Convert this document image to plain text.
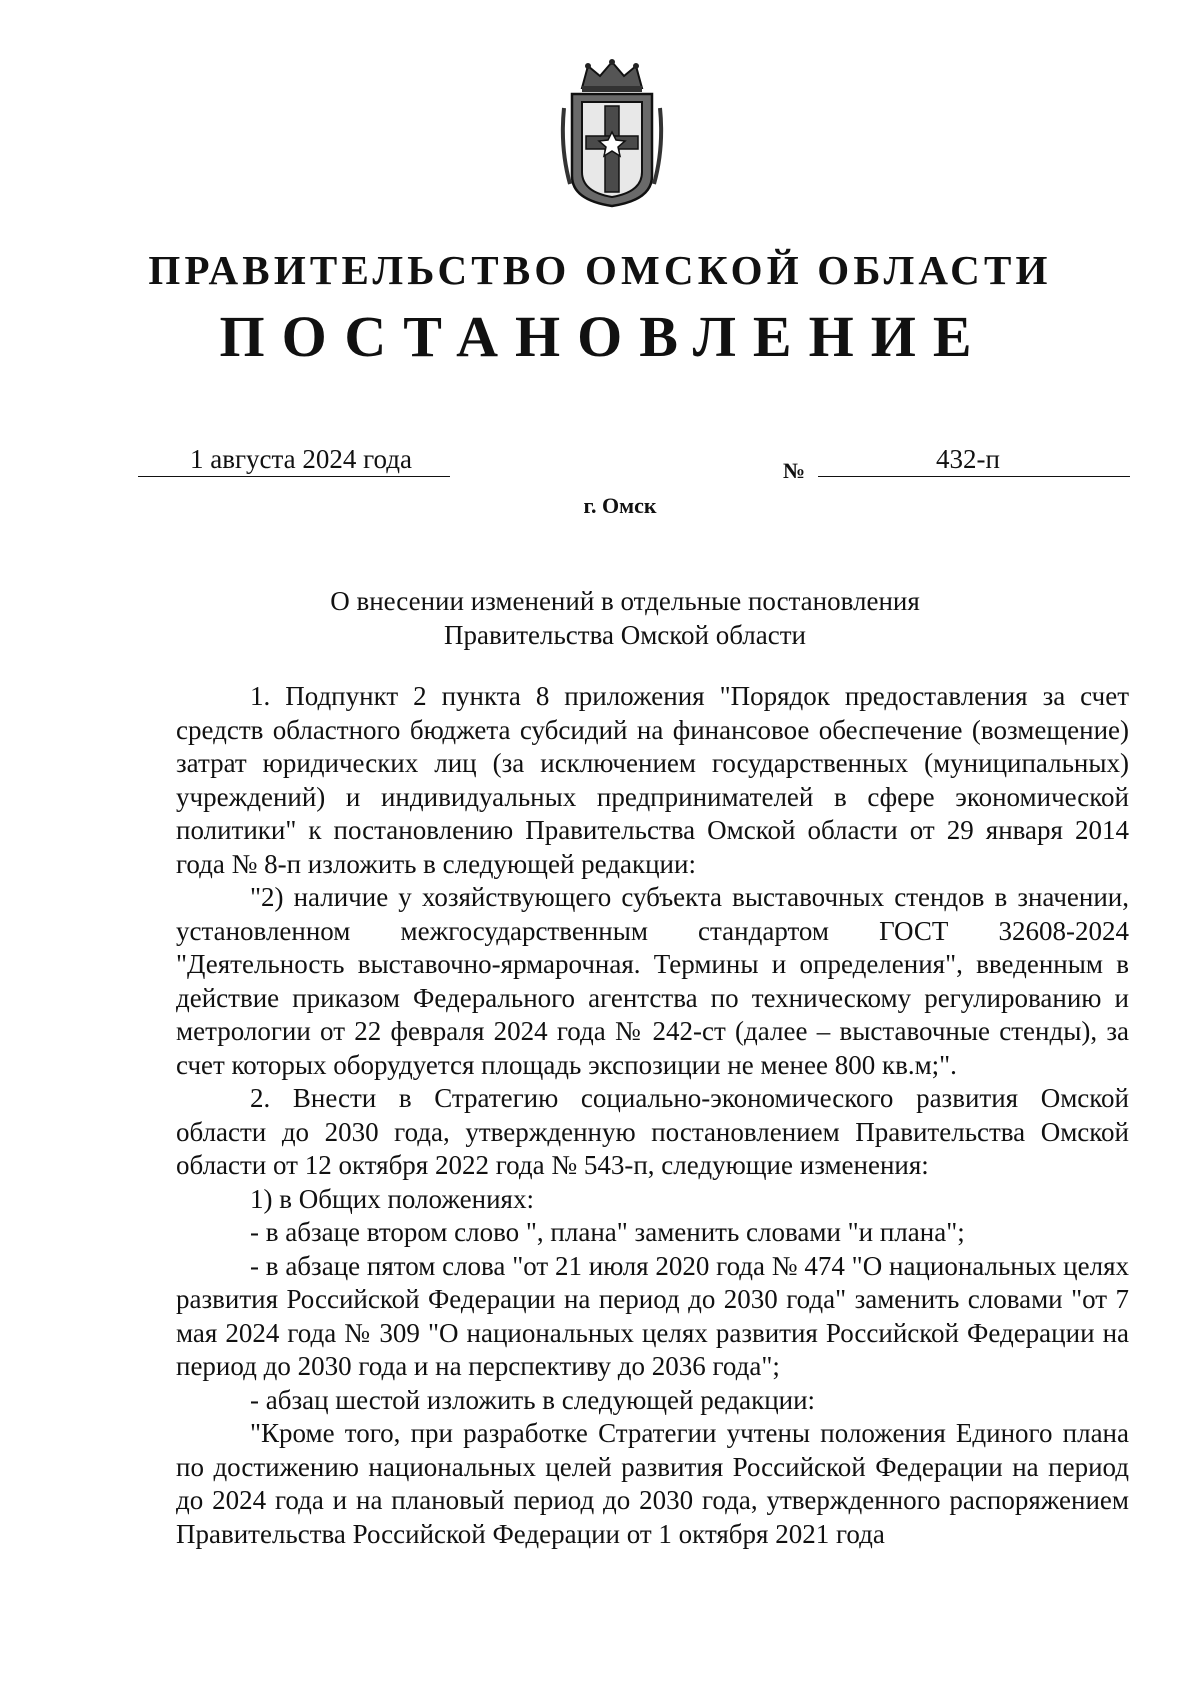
ПРАВИТЕЛЬСТВО ОМСКОЙ ОБЛАСТИ
ПОСТАНОВЛЕНИЕ
1 августа 2024 года	№	432-п
г. Омск
О внесении изменений в отдельные постановления
Правительства Омской области

1. Подпункт 2 пункта 8 приложения "Порядок предоставления за счет средств областного бюджета субсидий на финансовое обеспечение (возмещение) затрат юридических лиц (за исключением государственных (муниципальных) учреждений) и индивидуальных предпринимателей в сфере экономической политики" к постановлению Правительства Омской области от 29 января 2014 года № 8-п изложить в следующей редакции:

"2) наличие у хозяйствующего субъекта выставочных стендов в значении, установленном межгосударственным стандартом ГОСТ 32608-2024 "Деятельность выставочно-ярмарочная. Термины и определения", введенным в действие приказом Федерального агентства по техническому регулированию и метрологии от 22 февраля 2024 года № 242-ст (далее – выставочные стенды), за счет которых оборудуется площадь экспозиции не менее 800 кв.м;".

2. Внести в Стратегию социально-экономического развития Омской области до 2030 года, утвержденную постановлением Правительства Омской области от 12 октября 2022 года № 543-п, следующие изменения:

1) в Общих положениях:

- в абзаце втором слово ", плана" заменить словами "и плана";

- в абзаце пятом слова "от 21 июля 2020 года № 474 "О национальных целях развития Российской Федерации на период до 2030 года" заменить словами "от 7 мая 2024 года № 309 "О национальных целях развития Российской Федерации на период до 2030 года и на перспективу до 2036 года";

- абзац шестой изложить в следующей редакции:

"Кроме того, при разработке Стратегии учтены положения Единого плана по достижению национальных целей развития Российской Федерации на период до 2024 года и на плановый период до 2030 года, утвержденного распоряжением Правительства Российской Федерации от 1 октября 2021 года
